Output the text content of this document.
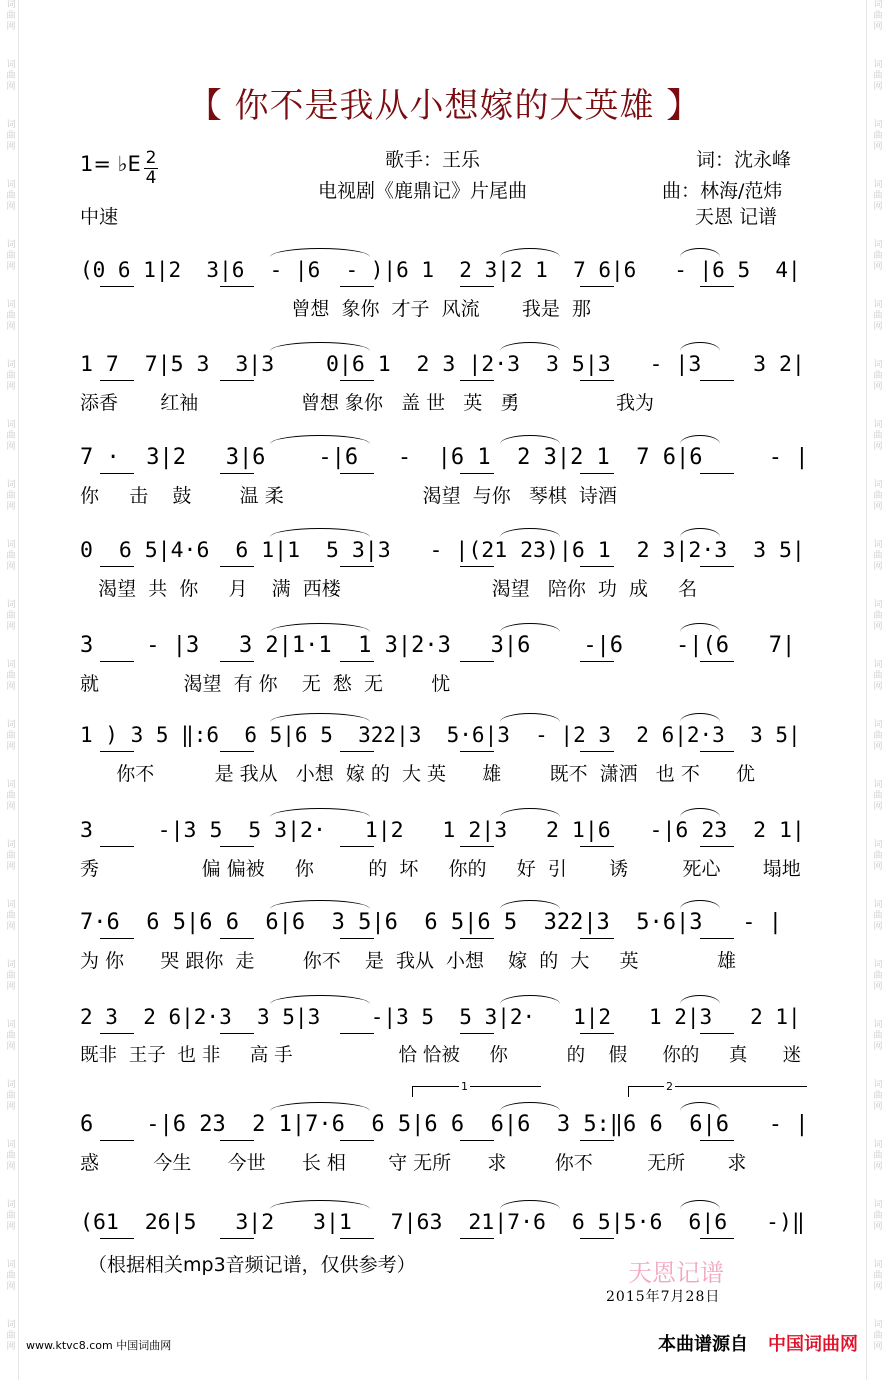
词
曲
网
词
曲
网
词
曲
网
词
曲
网
词
曲
网
词
曲
网
词
曲
网
词
曲
网
词
曲
网
词
曲
网
词
曲
网
词
曲
网
词
曲
网
词
曲
网
词
曲
网
词
曲
网
词
曲
网
词
曲
网
词
曲
网
词
曲
网
词
曲
网
词
曲
网
词
曲
网
词
曲
网
词
曲
网
词
曲
网
词
曲
网
词
曲
网
词
曲
网
词
曲
网
词
曲
网
词
曲
网
词
曲
网
词
曲
网
词
曲
网
词
曲
网
词
曲
网
词
曲
网
词
曲
网
词
曲
网
词
曲
网
词
曲
网
词
曲
网
词
曲
网
词
曲
网
词
曲
网
【 你不是我从小想嫁的大英雄 】
1= ♭E 2
4
歌手：王乐	词：沈永峰
电视剧《鹿鼎记》片尾曲	曲：林海/范炜
中速	天恩 记谱
(0 6 1|2  3|6  - |6  - )|6 1  2 3|2 1  7 6|6   - |6 5  4|
曾想  象你  才子  风流       我是  那
1 7  7|5 3  3|3    0|6 1  2 3 |2·3  3 5|3   - |3    3 2|
添香       红袖                 曾想 象你   盖 世   英   勇                我为
7 ·  3|2   3|6    -|6   -  |6 1  2 3|2 1  7 6|6     - |
你     击    鼓        温 柔                       渴望  与你   琴棋  诗酒
0  6 5|4·6  6 1|1  5 3|3   - |(21 23)|6 1  2 3|2·3  3 5|
渴望  共  你     月    满  西楼                         渴望   陪你  功  成     名
3    - |3   3 2|1·1  1 3|2·3   3|6    -|6    -|(6   7|
就              渴望  有 你    无  愁  无        忧
1 ) 3 5 ‖:6  6 5|6 5  322|3  5·6|3  - |2 3  2 6|2·3  3 5|
你不          是 我从   小想  嫁 的  大 英      雄        既不  潇洒   也 不      优
3     -|3 5  5 3|2·   1|2   1 2|3   2 1|6   -|6 23  2 1|
秀                 偏 偏被     你         的  坏     你的     好  引       诱         死心       塌地
7·6  6 5|6 6  6|6  3 5|6  6 5|6 5  322|3  5·6|3   - |
为 你      哭 跟你  走        你不    是  我从  小想    嫁  的  大     英             雄
2 3  2 6|2·3  3 5|3    -|3 5  5 3|2·   1|2   1 2|3   2 1|
既非  王子  也 非     高 手                  恰 恰被     你          的    假      你的     真      迷
6    -|6 23  2 1|7·6  6 5|6 6  6|6  3 5:‖6 6  6|6   - |
惑         今生      今世      长 相       守 无所      求        你不         无所       求
(61  26|5   3|2   3|1   7|63  21|7·6  6 5|5·6  6|6   -)‖
1	2
（根据相关mp3音频记谱，仅供参考）	天恩记谱
2015年7月28日
www.ktvc8.com 中国词曲网	本曲谱源自 中国词曲网
